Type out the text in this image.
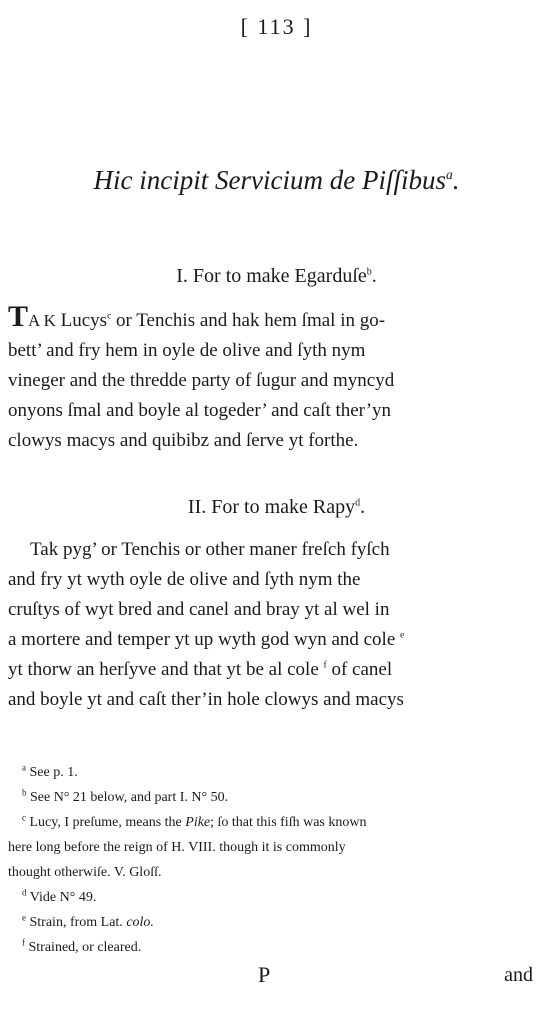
[ 113 ]
Hic incipit Servicium de Piſſibus$^a$.
I. For to make Egarduſe$^b$.
TA K Lucys$^c$ or Tenchis and hak hem ſmal in go-
bett’ and fry hem in oyle de olive and ſyth nym
vineger and the thredde party of ſugur and myncyd
onyons ſmal and boyle al togeder’ and caſt ther’yn
clowys macys and quibibz and ſerve yt forthe.
II. For to make Rapy$^d$.
Tak pyg’ or Tenchis or other maner freſch fyſch
and fry yt wyth oyle de olive and ſyth nym the
cruſtys of wyt bred and canel and bray yt al wel in
a mortere and temper yt up wyth god wyn and cole $^e$
yt thorw an herſyve and that yt be al cole $^f$ of canel
and boyle yt and caſt ther’in hole clowys and macys
$^a$ See p. 1.
$^b$ See N° 21 below, and part I. N° 50.
$^c$ Lucy, I preſume, means the Pike; ſo that this fiſh was known
here long before the reign of H. VIII. though it is commonly
thought otherwiſe. V. Gloſſ.
$^d$ Vide N° 49.
$^e$ Strain, from Lat. colo.
$^f$ Strained, or cleared.
P	and
